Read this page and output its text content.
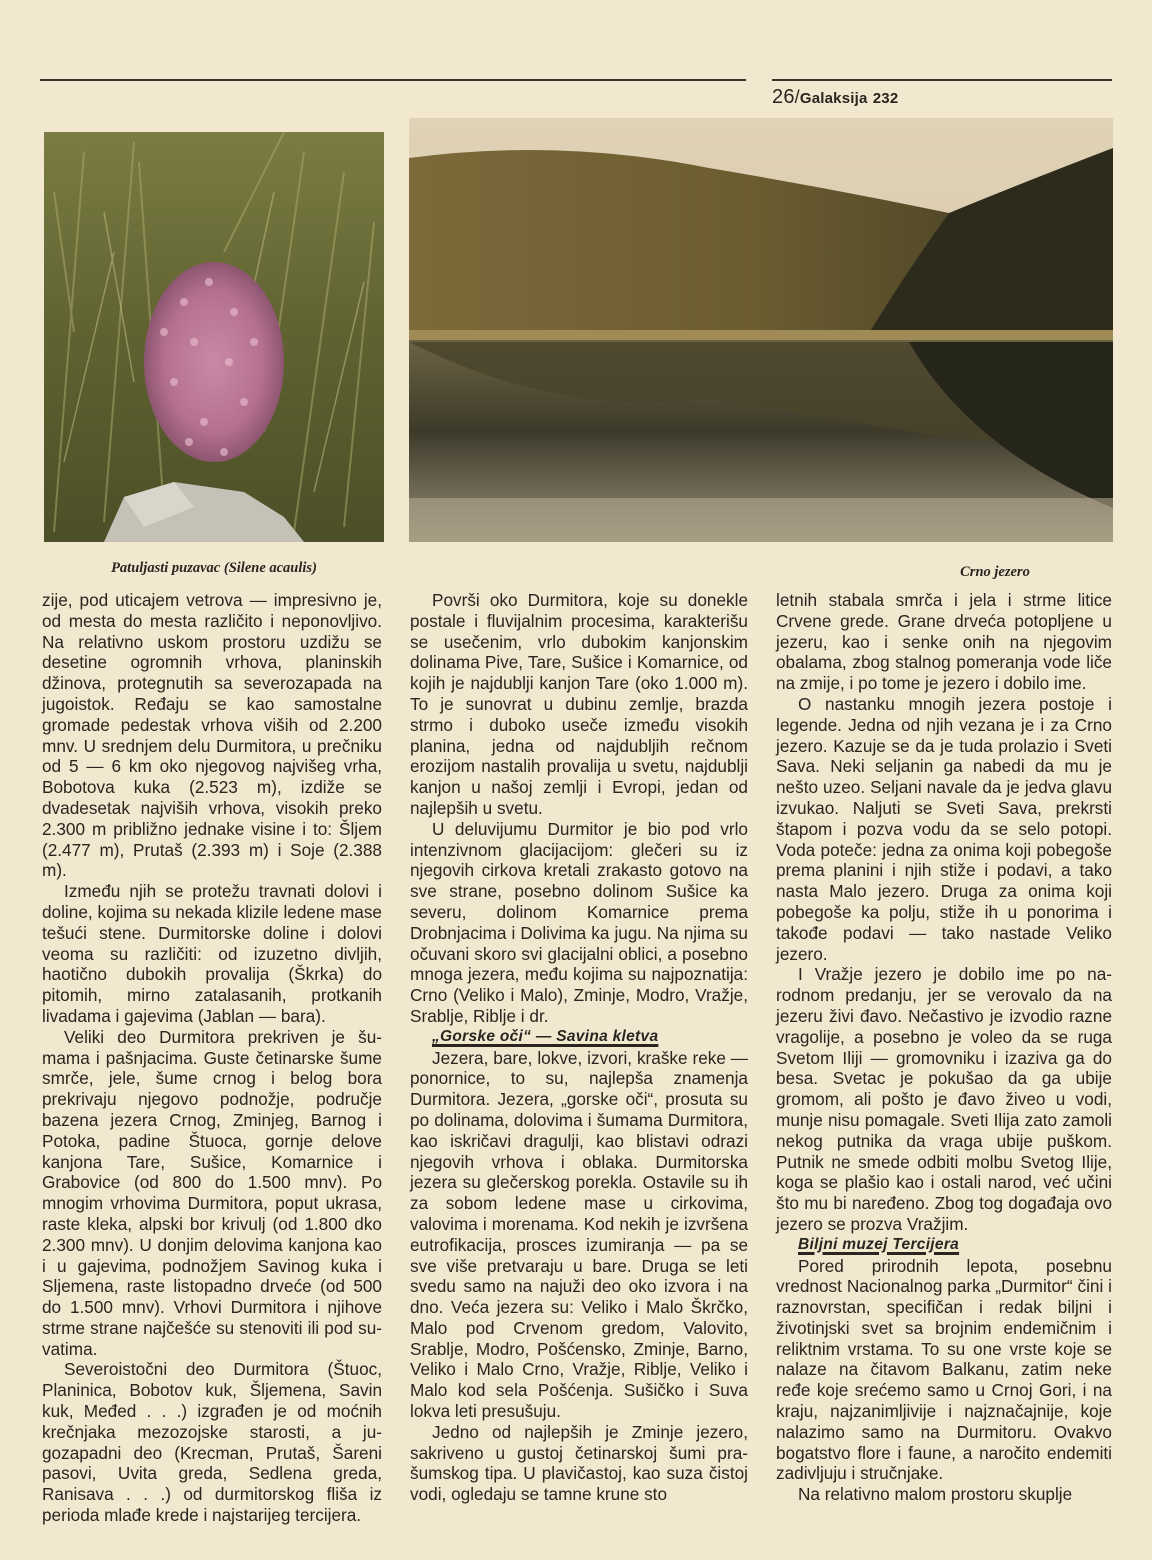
26/Galaksija 232
Patuljasti puzavac (Silene acaulis)	Crno jezero

zije, pod uticajem vetrova — impresivno je, od mesta do mesta različito i neponovljivo. Na relativno uskom prostoru uzdižu se desetine ogromnih vrhova, planinskih džinova, protegnutih sa severozapada na jugoistok. Ređaju se kao samostalne gromade pedestak vrhova viših od 2.200 mnv. U srednjem delu Durmitora, u prečniku od 5 — 6 km oko njegovog najvišeg vrha, Bobotova kuka (2.523 m), izdiže se dvadesetak najviših vrhova, visokih preko 2.300 m približno jednake visine i to: Šljem (2.477 m), Prutaš (2.393 m) i Soje (2.388 m).

Između njih se protežu travnati dolovi i doline, kojima su nekada klizile ledene mase tešući stene. Durmitorske doline i dolovi veoma su različiti: od izuzetno divljih, haotično dubokih provalija (Škrka) do pitomih, mirno zatalasanih, protkanih livadama i gajevima (Jablan — bara).

Veliki deo Durmitora prekriven je šumama i pašnjacima. Guste četinarske šume smrče, jele, šume crnog i belog bora prekrivaju njegovo podnožje, područje bazena jezera Crnog, Zminjeg, Barnog i Potoka, padine Štuoca, gornje delove kanjona Tare, Sušice, Komarnice i Grabovice (od 800 do 1.500 mnv). Po mnogim vrhovima Durmitora, poput ukrasa, raste kleka, alpski bor krivulj (od 1.800 dko 2.300 mnv). U donjim delovima kanjona kao i u gajevima, podnožjem Savinog kuka i Sljemena, raste listopadno drveće (od 500 do 1.500 mnv). Vrhovi Durmitora i njihove strme strane najčešće su stenoviti ili pod suvatima.

Severoistočni deo Durmitora (Štuoc, Planinica, Bobotov kuk, Šljemena, Savin kuk, Međed . . .) izgrađen je od moćnih krečnjaka mezozojske starosti, a jugozapadni deo (Krecman, Prutaš, Šareni pasovi, Uvita greda, Sedlena greda, Ranisava . . .) od durmitorskog fliša iz perioda mlađe krede i najstarijeg tercijera.

Površi oko Durmitora, koje su donekle postale i fluvijalnim procesima, karakterišu se usečenim, vrlo dubokim kanjonskim dolinama Pive, Tare, Sušice i Komarnice, od kojih je najdublji kanjon Tare (oko 1.000 m). To je sunovrat u dubinu zemlje, brazda strmo i duboko useče između visokih planina, jedna od najdubljih rečnom erozijom nastalih provalija u svetu, najdublji kanjon u našoj zemlji i Evropi, jedan od najlepših u svetu.

U deluvijumu Durmitor je bio pod vrlo intenzivnom glacijacijom: glečeri su iz njegovih cirkova kretali zrakasto gotovo na sve strane, posebno dolinom Sušice ka severu, dolinom Komarnice prema Drobnjacima i Dolivima ka jugu. Na njima su očuvani skoro svi glacijalni oblici, a posebno mnoga jezera, među kojima su najpoznatija: Crno (Veliko i Malo), Zminje, Modro, Vražje, Srablje, Riblje i dr.

„Gorske oči“ — Savina kletva

Jezera, bare, lokve, izvori, kraške reke — ponornice, to su, najlepša znamenja Durmitora. Jezera, „gorske oči“, prosuta su po dolinama, dolovima i šumama Durmitora, kao iskričavi dragulji, kao blistavi odrazi njegovih vrhova i oblaka. Durmitorska jezera su glečerskog porekla. Ostavile su ih za sobom ledene mase u cirkovima, valovima i morenama. Kod nekih je izvršena eutrofikacija, prosces izumiranja — pa se sve više pretvaraju u bare. Druga se leti svedu samo na najuži deo oko izvora i na dno. Veća jezera su: Veliko i Malo Škrčko, Malo pod Crvenom gredom, Valovito, Srablje, Modro, Pošćensko, Zminje, Barno, Veliko i Malo Crno, Vražje, Riblje, Veliko i Malo kod sela Pošćenja. Sušičko i Suva lokva leti presušuju.

Jedno od najlepših je Zminje jezero, sakriveno u gustoj četinarskoj šumi prašumskog tipa. U plavičastoj, kao suza čistoj vodi, ogledaju se tamne krune sto

letnih stabala smrča i jela i strme litice Crvene grede. Grane drveća potopljene u jezeru, kao i senke onih na njegovim obalama, zbog stalnog pomeranja vode liče na zmije, i po tome je jezero i dobilo ime.

O nastanku mnogih jezera postoje i legende. Jedna od njih vezana je i za Crno jezero. Kazuje se da je tuda prolazio i Sveti Sava. Neki seljanin ga nabedi da mu je nešto uzeo. Seljani navale da je jedva glavu izvukao. Naljuti se Sveti Sava, prekrsti štapom i pozva vodu da se selo potopi. Voda poteče: jedna za onima koji pobegoše prema planini i njih stiže i podavi, a tako nasta Malo jezero. Druga za onima koji pobegoše ka polju, stiže ih u ponorima i takođe podavi — tako nastade Veliko jezero.

I Vražje jezero je dobilo ime po narodnom predanju, jer se verovalo da na jezeru živi đavo. Nečastivo je izvodio razne vragolije, a posebno je voleo da se ruga Svetom Iliji — gromovniku i izaziva ga do besa. Svetac je pokušao da ga ubije gromom, ali pošto je đavo živeo u vodi, munje nisu pomagale. Sveti Ilija zato zamoli nekog putnika da vraga ubije puškom. Putnik ne smede odbiti molbu Svetog Ilije, koga se plašio kao i ostali narod, već učini što mu bi naređeno. Zbog tog događaja ovo jezero se prozva Vražjim.

Biljni muzej Tercijera

Pored prirodnih lepota, posebnu vrednost Nacionalnog parka „Durmitor“ čini i raznovrstan, specifičan i redak biljni i životinjski svet sa brojnim endemičnim i reliktnim vrstama. To su one vrste koje se nalaze na čitavom Balkanu, zatim neke ređe koje srećemo samo u Crnoj Gori, i na kraju, najzanimljivije i najznačajnije, koje nalazimo samo na Durmitoru. Ovakvo bogatstvo flore i faune, a naročito endemiti zadivljuju i stručnjake.

Na relativno malom prostoru skuplje
